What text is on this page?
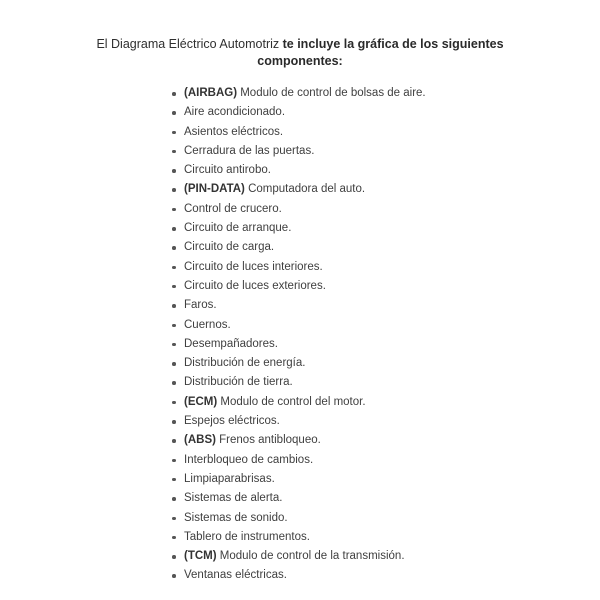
El Diagrama Eléctrico Automotriz te incluye la gráfica de los siguientes
componentes:
(AIRBAG) Modulo de control de bolsas de aire.
Aire acondicionado.
Asientos eléctricos.
Cerradura de las puertas.
Circuito antirobo.
(PIN-DATA) Computadora del auto.
Control de crucero.
Circuito de arranque.
Circuito de carga.
Circuito de luces interiores.
Circuito de luces exteriores.
Faros.
Cuernos.
Desempañadores.
Distribución de energía.
Distribución de tierra.
(ECM) Modulo de control del motor.
Espejos eléctricos.
(ABS) Frenos antibloqueo.
Interbloqueo de cambios.
Limpiaparabrisas.
Sistemas de alerta.
Sistemas de sonido.
Tablero de instrumentos.
(TCM) Modulo de control de la transmisión.
Ventanas eléctricas.
